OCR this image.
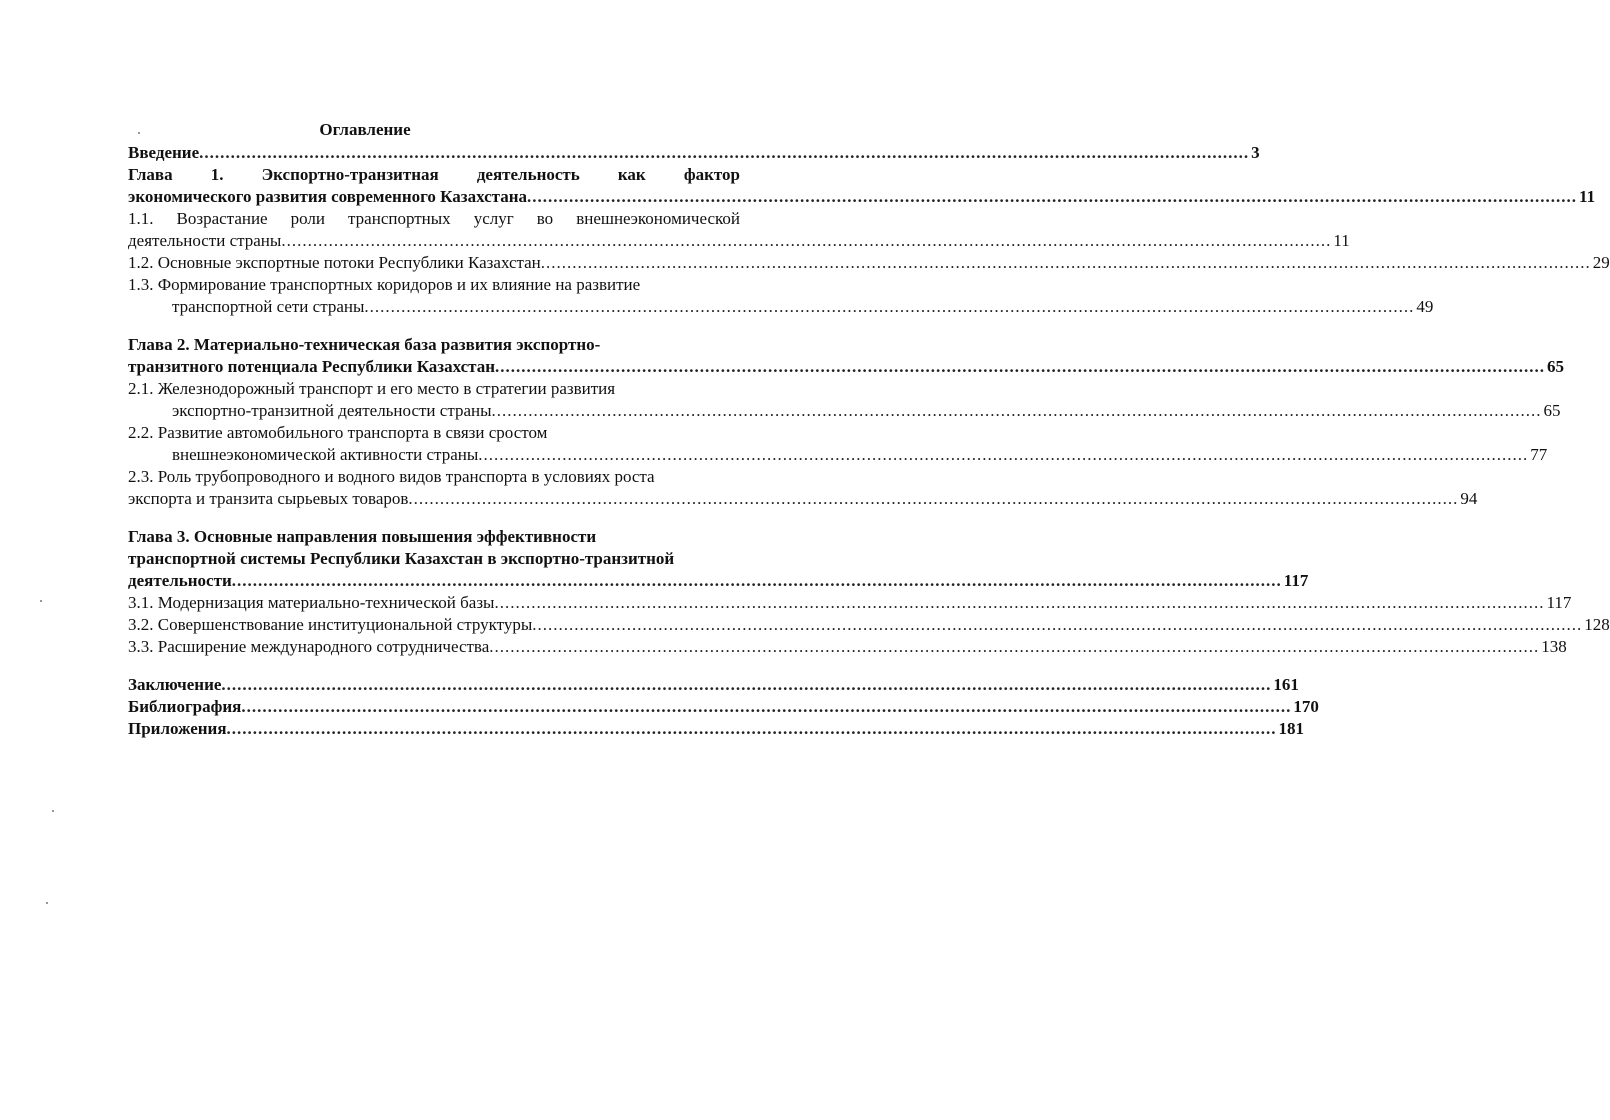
Оглавление
Введение .....	3
Глава 1. Экспортно-транзитная деятельность как фактор
экономического развития современного Казахстана .....	11
1.1. Возрастание роли транспортных услуг во внешнеэкономической
деятельности страны .....	11
1.2. Основные экспортные потоки Республики Казахстан .....	29
1.3. Формирование транспортных коридоров и их влияние на развитие
транспортной сети страны .....	49
Глава 2. Материально-техническая база развития экспортно-
транзитного потенциала Республики Казахстан .....	65
2.1. Железнодорожный транспорт и его место в стратегии развития
экспортно-транзитной деятельности страны .....	65
2.2. Развитие автомобильного транспорта в связи сростом
внешнеэкономической активности страны .....	77
2.3. Роль трубопроводного и водного видов транспорта в условиях роста
экспорта и транзита сырьевых товаров .....	94
Глава 3. Основные направления повышения эффективности
транспортной системы Республики Казахстан в экспортно-транзитной
деятельности .....	117
3.1. Модернизация материально-технической базы .....	117
3.2. Совершенствование институциональной структуры .....	128
3.3. Расширение международного сотрудничества .....	138
Заключение .....	161
Библиография .....	170
Приложения .....	181
